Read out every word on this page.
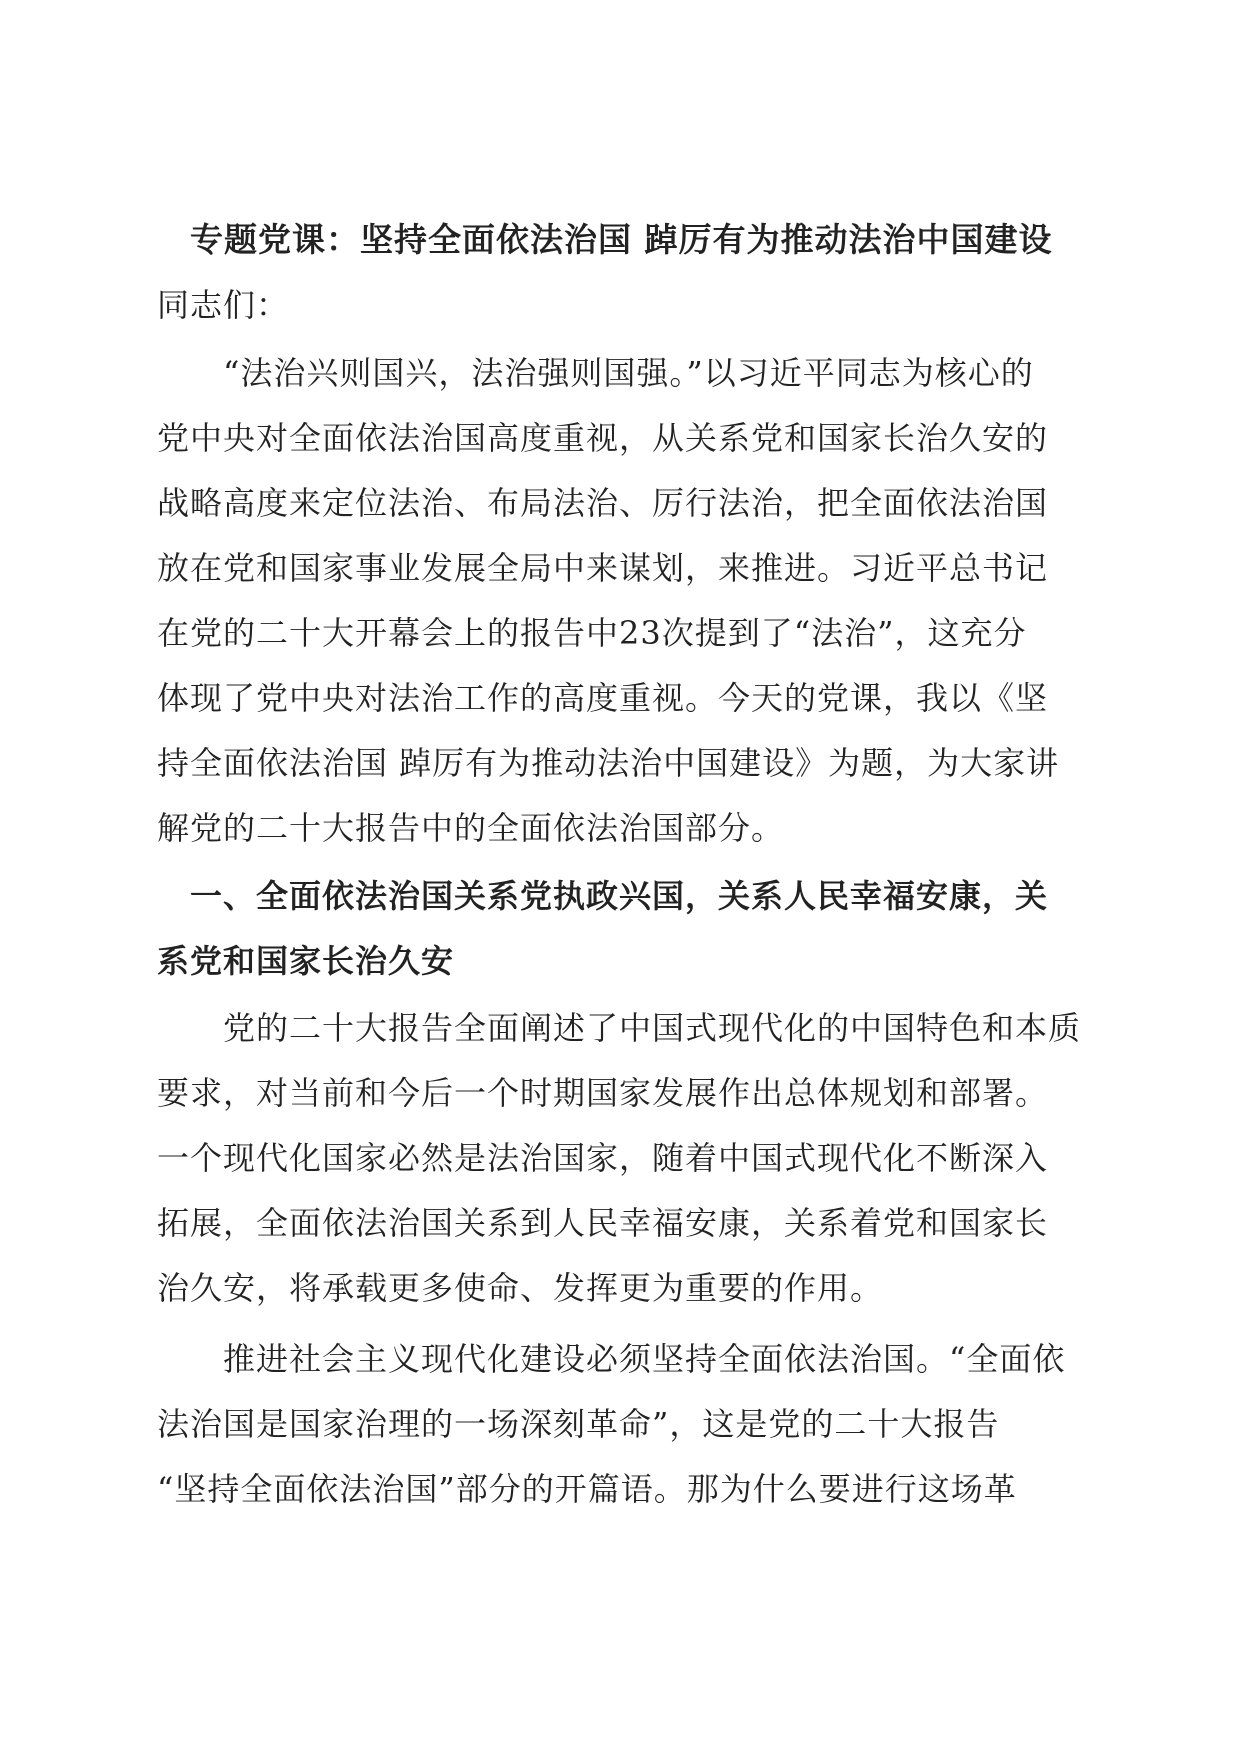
专题党课：坚持全面依法治国 踔厉有为推动法治中国建设
同志们：
　　“法治兴则国兴，法治强则国强。”以习近平同志为核心的
党中央对全面依法治国高度重视，从关系党和国家长治久安的
战略高度来定位法治、布局法治、厉行法治，把全面依法治国
放在党和国家事业发展全局中来谋划，来推进。习近平总书记
在党的二十大开幕会上的报告中23次提到了“法治”，这充分
体现了党中央对法治工作的高度重视。今天的党课，我以《坚
持全面依法治国 踔厉有为推动法治中国建设》为题，为大家讲
解党的二十大报告中的全面依法治国部分。
　一、全面依法治国关系党执政兴国，关系人民幸福安康，关
系党和国家长治久安
　　党的二十大报告全面阐述了中国式现代化的中国特色和本质
要求，对当前和今后一个时期国家发展作出总体规划和部署。
一个现代化国家必然是法治国家，随着中国式现代化不断深入
拓展，全面依法治国关系到人民幸福安康，关系着党和国家长
治久安，将承载更多使命、发挥更为重要的作用。
　　推进社会主义现代化建设必须坚持全面依法治国。“全面依
法治国是国家治理的一场深刻革命”，这是党的二十大报告
“坚持全面依法治国”部分的开篇语。那为什么要进行这场革
